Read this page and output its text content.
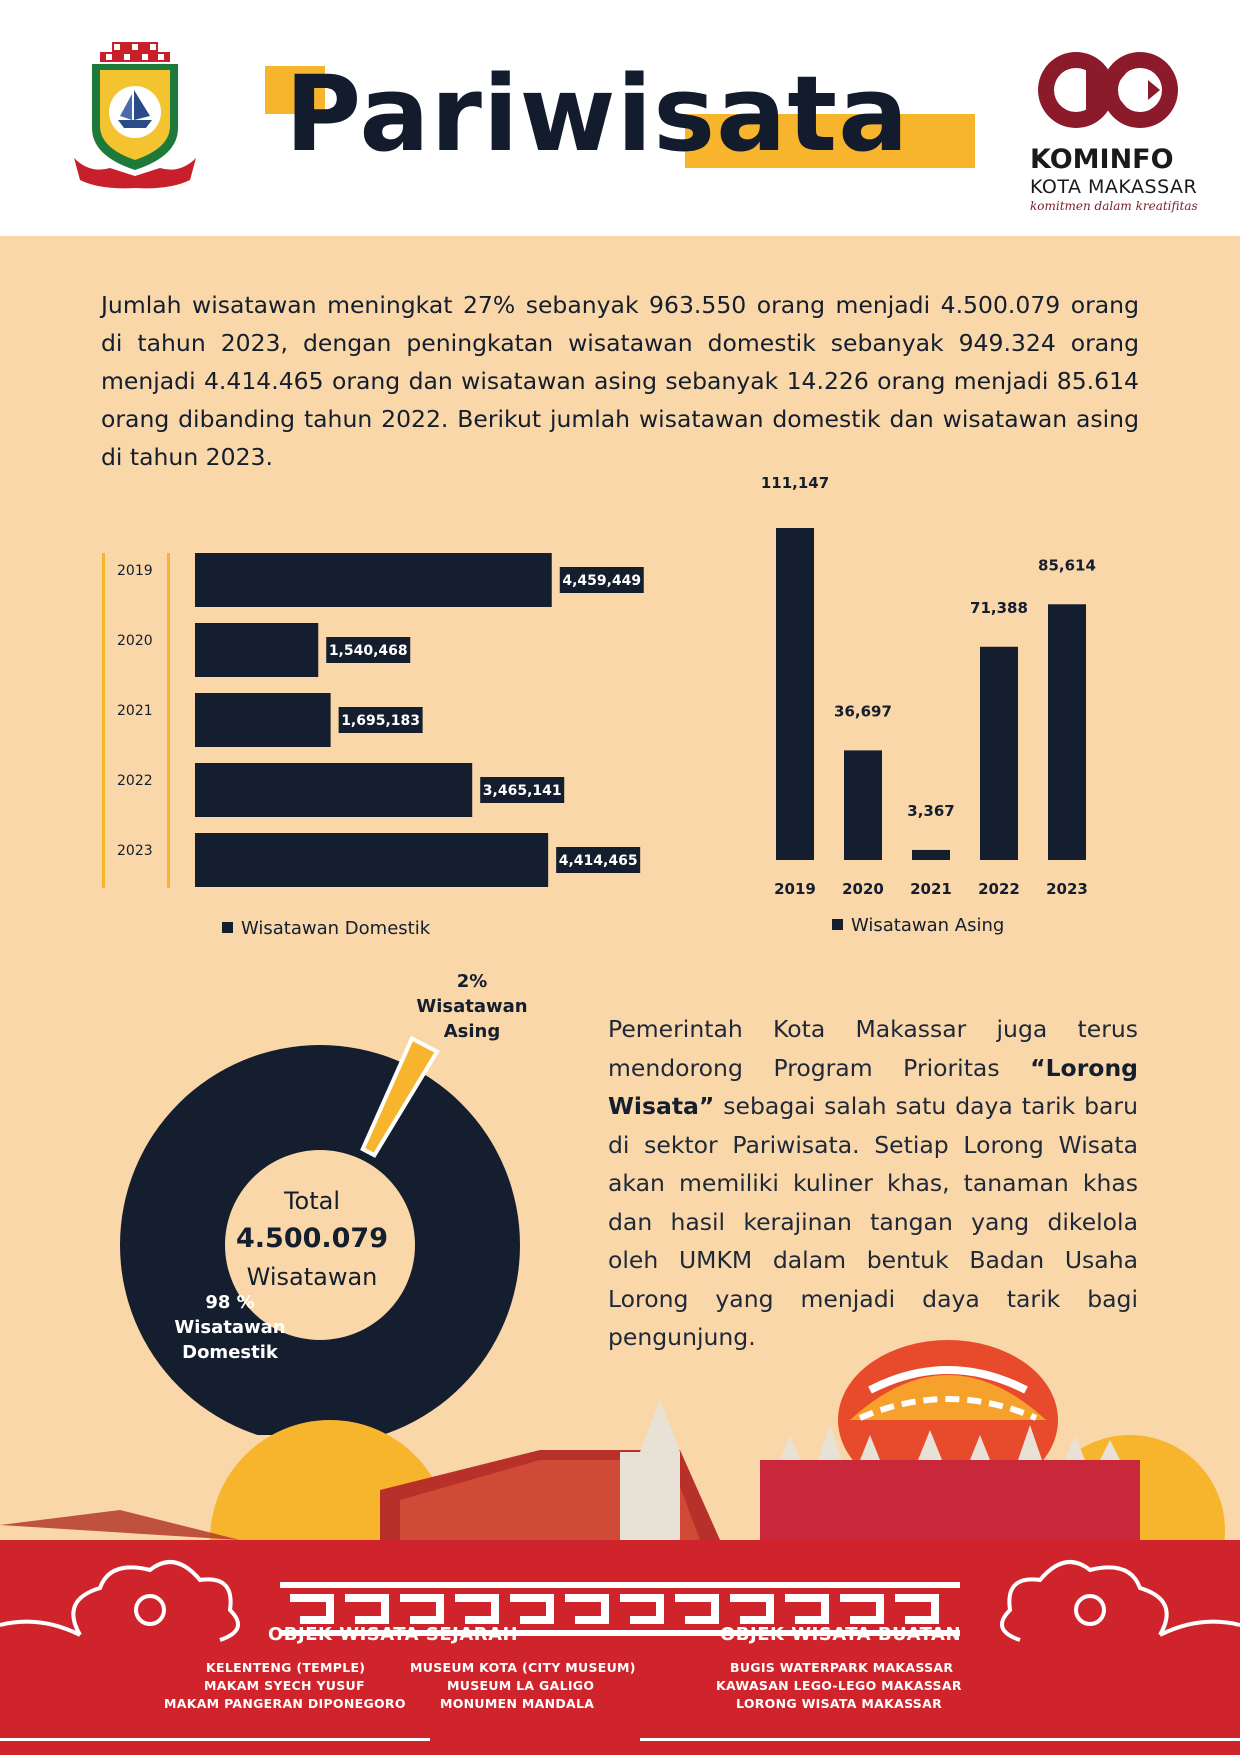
Pariwisata	KOMINFO
KOTA MAKASSAR
komitmen dalam kreatifitas
Jumlah wisatawan meningkat 27% sebanyak 963.550 orang menjadi 4.500.079 orang di tahun 2023, dengan peningkatan wisatawan domestik sebanyak 949.324 orang menjadi 4.414.465 orang dan wisatawan asing sebanyak 14.226 orang menjadi 85.614 orang dibanding tahun 2022. Berikut jumlah wisatawan domestik dan wisatawan asing di tahun 2023.
2019
4,459,449
2020
1,540,468
2021
1,695,183
2022
3,465,141
2023
4,414,465
Wisatawan Domestik
111,147
2019
36,697
2020
3,367
2021
71,388
2022
85,614
2023
Wisatawan Asing
Total
4.500.079
Wisatawan
98 %
Wisatawan
Domestik
2%
Wisatawan
Asing	Pemerintah Kota Makassar juga terus mendorong Program Prioritas “Lorong Wisata” sebagai salah satu daya tarik baru di sektor Pariwisata. Setiap Lorong Wisata akan memiliki kuliner khas, tanaman khas dan hasil kerajinan tangan yang dikelola oleh UMKM dalam bentuk Badan Usaha Lorong yang menjadi daya tarik bagi pengunjung.
OBJEK WISATA SEJARAH
KELENTENG (TEMPLE)
MAKAM SYECH YUSUF
MAKAM PANGERAN DIPONEGORO
MUSEUM KOTA (CITY MUSEUM)
MUSEUM LA GALIGO
MONUMEN MANDALA
OBJEK WISATA BUATAN
BUGIS WATERPARK MAKASSAR
KAWASAN LEGO-LEGO MAKASSAR
LORONG WISATA MAKASSAR
